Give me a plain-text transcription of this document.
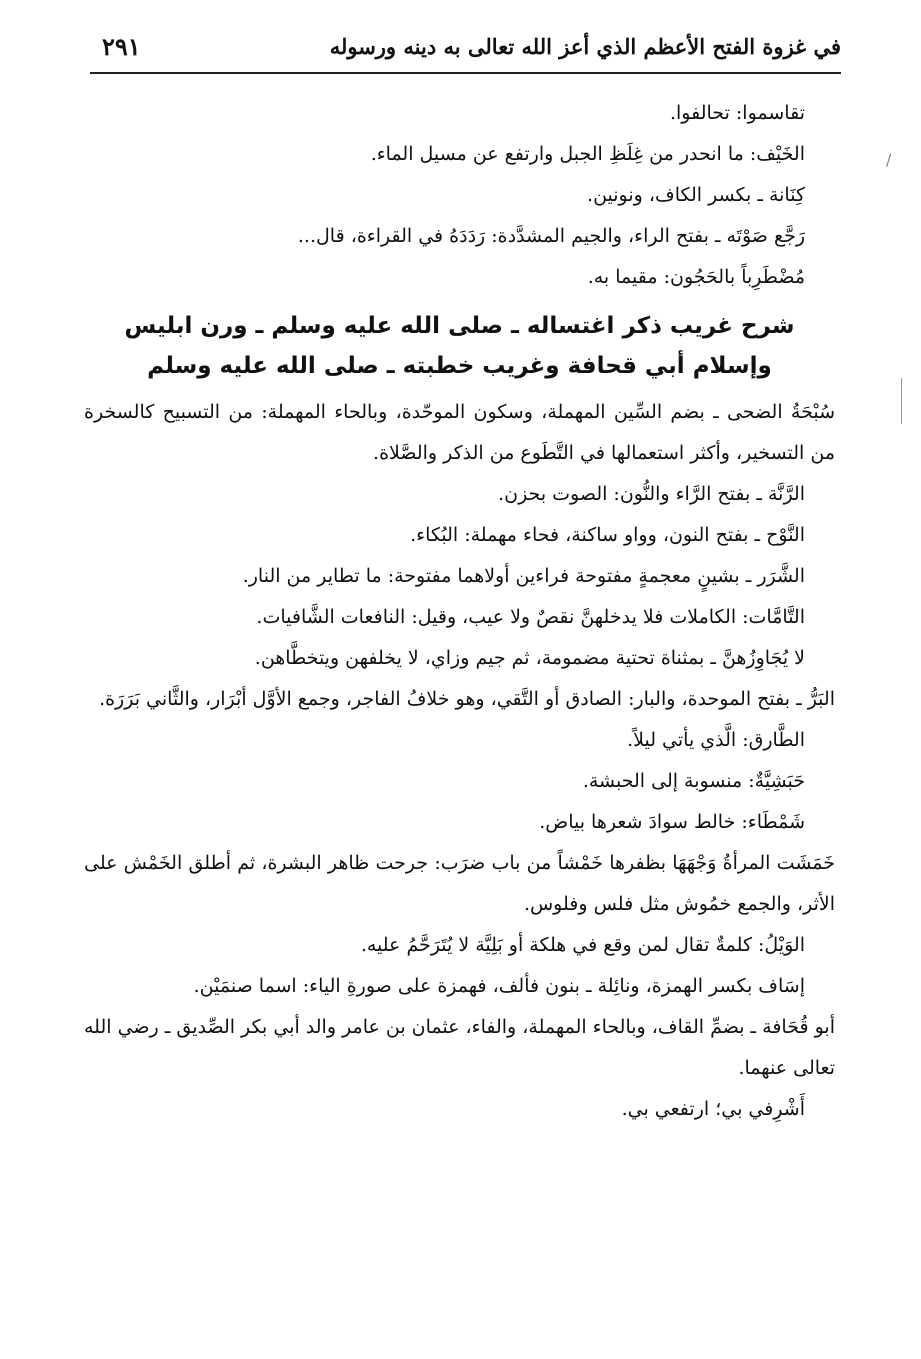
في غزوة الفتح الأعظم الذي أعز الله تعالى به دينه ورسوله
٢٩١
/

تقاسموا: تحالفوا.

الخَيْف: ما انحدر من غِلَظِ الجبل وارتفع عن مسيل الماء.

كِنَانة ـ بكسر الكاف، ونونين.

رَجَّع صَوْتَه ـ بفتح الراء، والجيم المشدَّدة: رَدَدَهُ في القراءة، قال...

مُضْطَرِباً بالحَجُون: مقيما به.

شرح غريب ذكر اغتساله ـ صلى الله عليه وسلم ـ ورن ابليس
وإسلام أبي قحافة وغريب خطبته ـ صلى الله عليه وسلم

سُبْحَةُ الضحى ـ بضم السِّين المهملة، وسكون الموحّدة، وبالحاء المهملة: من التسبيح كالسخرة من التسخير، وأكثر استعمالها في التَّطَوع من الذكر والصَّلاة.

الرَّنَّة ـ بفتح الرَّاء والنُّون: الصوت بحزن.

النَّوْح ـ بفتح النون، وواو ساكنة، فحاء مهملة: البُكاء.

الشَّرَر ـ بشينٍ معجمةٍ مفتوحة فراءين أولاهما مفتوحة: ما تطاير من النار.

التَّامَّات: الكاملات فلا يدخلهنَّ نقصٌ ولا عيب، وقيل: النافعات الشَّافيات.

لا يُجَاوِزُهنَّ ـ بمثناة تحتية مضمومة، ثم جيم وزاي، لا يخلفهن ويتخطَّاهن.

البَرُّ ـ بفتح الموحدة، والبار: الصادق أو التَّقي، وهو خلافُ الفاجر، وجمع الأوَّل أبْرَار، والثَّاني بَرَرَة.

الطَّارق: الَّذي يأتي ليلاً.

حَبَشِيَّةٌ: منسوبة إلى الحبشة.

شَمْطَاء: خالط سوادَ شعرها بياض.

خَمَشَت المرأةُ وَجْهَهَا بظفرها خَمْشاً من باب ضرَب: جرحت ظاهر البشرة، ثم أطلق الخَمْش على الأثر، والجمع خمُوش مثل فلس وفلوس.

الوَيْلُ: كلمةٌ تقال لمن وقع في هلكة أو بَلِيَّة لا يُتَرَحَّمُ عليه.

إسَاف بكسر الهمزة، ونائِلة ـ بنون فألف، فهمزة على صورةِ الياء: اسما صنمَيْن.

أبو قُحَافة ـ بضمِّ القاف، وبالحاء المهملة، والفاء، عثمان بن عامر والد أبي بكر الصِّديق ـ رضي الله تعالى عنهما.

أَشْرِفي بي؛ ارتفعي بي.
